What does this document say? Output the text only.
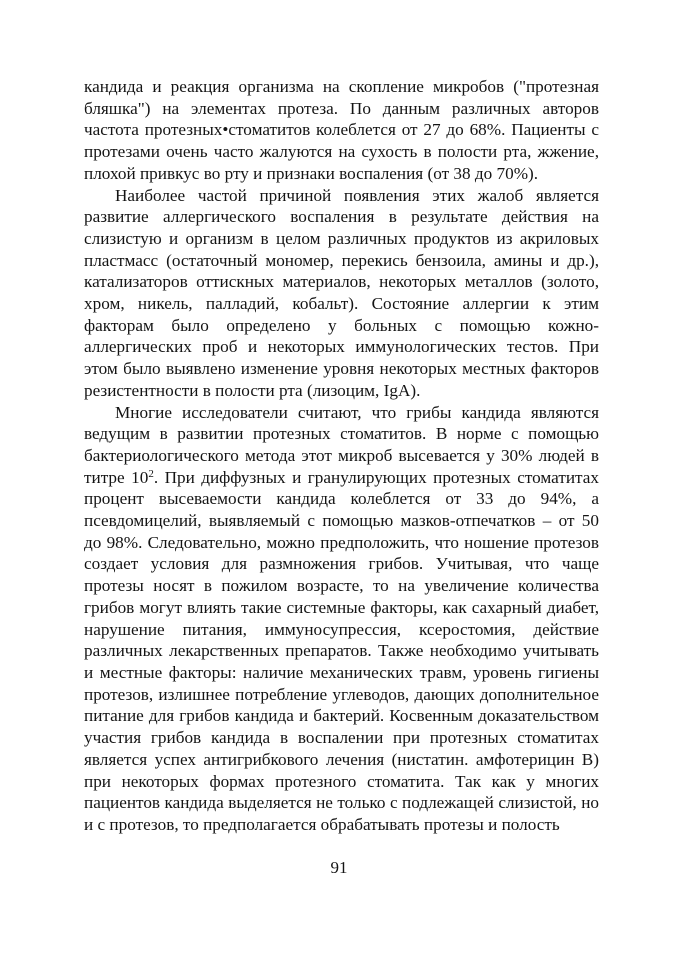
кандида и реакция организма на скопление микробов ("протезная бляшка") на элементах протеза. По данным различных авторов частота протезных•стоматитов колеблется от 27 до 68%. Пациенты с протезами очень часто жалуются на сухость в полости рта, жжение, плохой привкус во рту и признаки воспаления (от 38 до 70%).

Наиболее частой причиной появления этих жалоб является развитие аллергического воспаления в результате действия на слизистую и организм в целом различных продуктов из акриловых пластмасс (остаточный мономер, перекись бензоила, амины и др.), катализаторов оттискных материалов, некоторых металлов (золото, хром, никель, палладий, кобальт). Состояние аллергии к этим факторам было определено у больных с помощью кожно-аллергических проб и некоторых иммунологических тестов. При этом было выявлено изменение уровня некоторых местных факторов резистентности в полости рта (лизоцим, IgA).

Многие исследователи считают, что грибы кандида являются ведущим в развитии протезных стоматитов. В норме с помощью бактериологического метода этот микроб высевается у 30% людей в титре $10^2$. При диффузных и гранулирующих протезных стоматитах процент высеваемости кандида колеблется от 33 до 94%, а псевдомицелий, выявляемый с помощью мазков-отпечатков – от 50 до 98%. Следовательно, можно предположить, что ношение протезов создает условия для размножения грибов. Учитывая, что чаще протезы носят в пожилом возрасте, то на увеличение количества грибов могут влиять такие системные факторы, как сахарный диабет, нарушение питания, иммуносупрессия, ксеростомия, действие различных лекарственных препаратов. Также необходимо учитывать и местные факторы: наличие механических травм, уровень гигиены протезов, излишнее потребление углеводов, дающих дополнительное питание для грибов кандида и бактерий. Косвенным доказательством участия грибов кандида в воспалении при протезных стоматитах является успех антигрибкового лечения (нистатин. амфотерицин В) при некоторых формах протезного стоматита. Так как у многих пациентов кандида выделяется не только с подлежащей слизистой, но и с протезов, то предполагается обрабатывать протезы и полость

91
